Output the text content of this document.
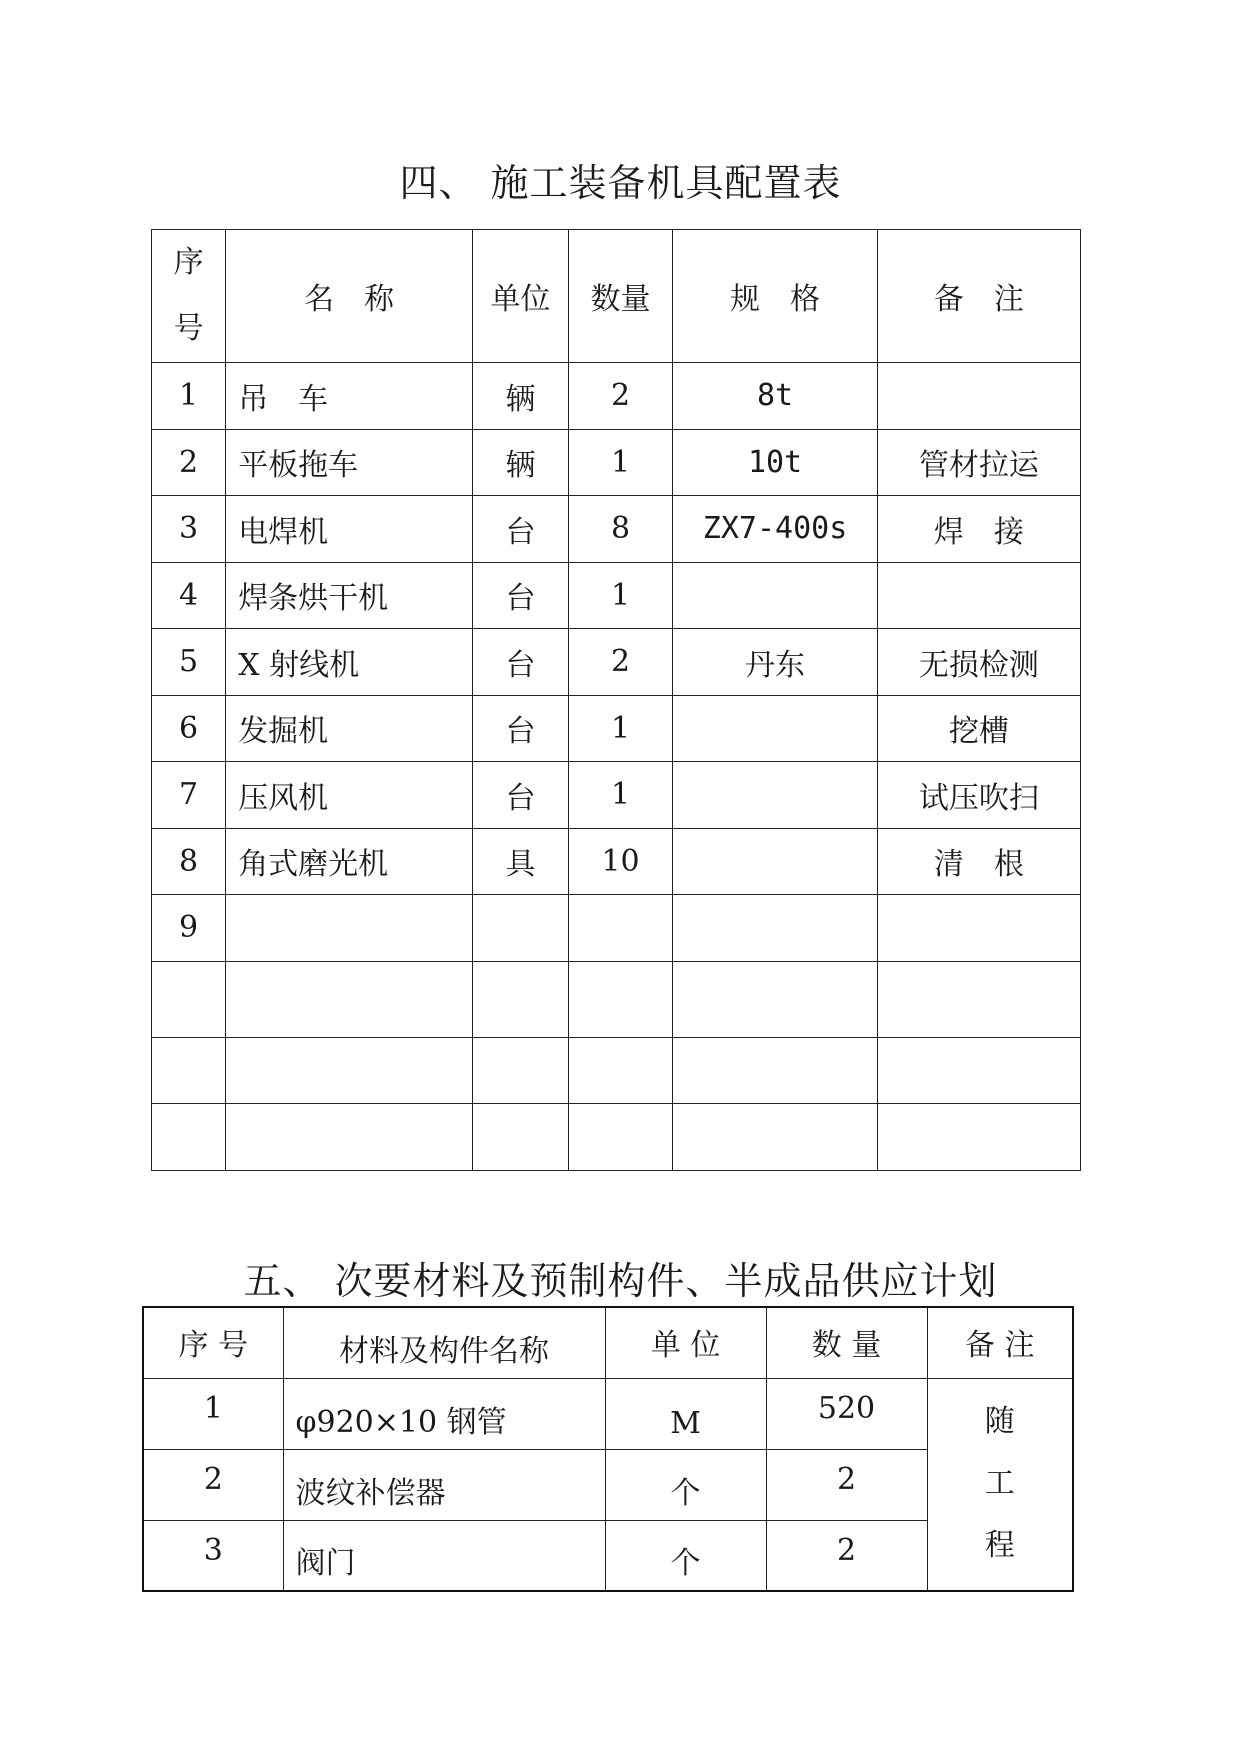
四、 施工装备机具配置表
序
号	名　称	单位	数量	规　格	备　注
1	吊　车	辆	2	8t	
2	平板拖车	辆	1	10t	管材拉运
3	电焊机	台	8	ZX7-400s	焊　接
4	焊条烘干机	台	1		
5	X 射线机	台	2	丹东	无损检测
6	发掘机	台	1		挖槽
7	压风机	台	1		试压吹扫
8	角式磨光机	具	10		清　根
9					

五、 次要材料及预制构件、半成品供应计划
序 号	材料及构件名称	单 位	数 量	备 注
1	φ920×10 钢管	M	520	随
工
程

2	波纹补偿器	个	2	
3	阀门	个	2	
